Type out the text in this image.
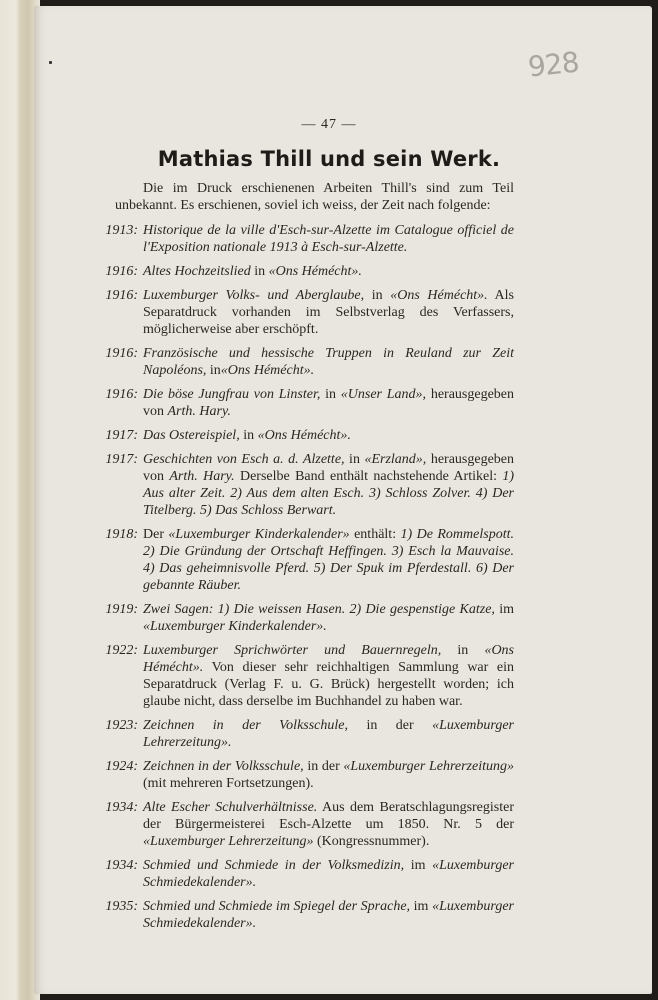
928
— 47 —
Mathias Thill und sein Werk.
Die im Druck erschienenen Arbeiten Thill's sind zum Teil unbekannt. Es erschienen, soviel ich weiss, der Zeit nach folgende:
1913: Historique de la ville d'Esch-sur-Alzette im Catalogue officiel de l'Exposition nationale 1913 à Esch-sur-Alzette.
1916: Altes Hochzeitslied in «Ons Hémécht».
1916: Luxemburger Volks- und Aberglaube, in «Ons Hémécht». Als Separatdruck vorhanden im Selbstverlag des Verfassers, möglicherweise aber erschöpft.
1916: Französische und hessische Truppen in Reuland zur Zeit Napoléons, in«Ons Hémécht».
1916: Die böse Jungfrau von Linster, in «Unser Land», herausgegeben von Arth. Hary.
1917: Das Ostereispiel, in «Ons Hémécht».
1917: Geschichten von Esch a. d. Alzette, in «Erzland», herausgegeben von Arth. Hary. Derselbe Band enthält nachstehende Artikel: 1) Aus alter Zeit. 2) Aus dem alten Esch. 3) Schloss Zolver. 4) Der Titelberg. 5) Das Schloss Berwart.
1918: Der «Luxemburger Kinderkalender» enthält: 1) De Rommelspott. 2) Die Gründung der Ortschaft Heffingen. 3) Esch la Mauvaise. 4) Das geheimnisvolle Pferd. 5) Der Spuk im Pferdestall. 6) Der gebannte Räuber.
1919: Zwei Sagen: 1) Die weissen Hasen. 2) Die gespenstige Katze, im «Luxemburger Kinderkalender».
1922: Luxemburger Sprichwörter und Bauernregeln, in «Ons Hémécht». Von dieser sehr reichhaltigen Sammlung war ein Separatdruck (Verlag F. u. G. Brück) hergestellt worden; ich glaube nicht, dass derselbe im Buchhandel zu haben war.
1923: Zeichnen in der Volksschule, in der «Luxemburger Lehrerzeitung».
1924: Zeichnen in der Volksschule, in der «Luxemburger Lehrerzeitung» (mit mehreren Fortsetzungen).
1934: Alte Escher Schulverhältnisse. Aus dem Beratschlagungsregister der Bürgermeisterei Esch-Alzette um 1850. Nr. 5 der «Luxemburger Lehrerzeitung» (Kongressnummer).
1934: Schmied und Schmiede in der Volksmedizin, im «Luxemburger Schmiedekalender».
1935: Schmied und Schmiede im Spiegel der Sprache, im «Luxemburger Schmiedekalender».
